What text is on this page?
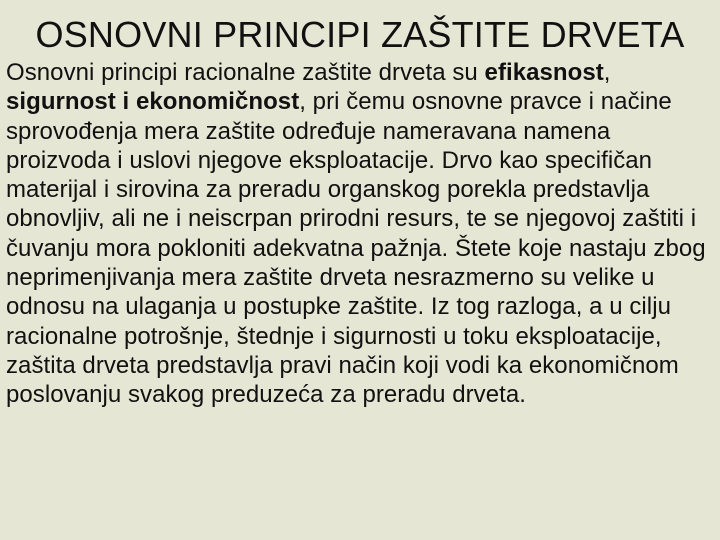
OSNOVNI PRINCIPI ZAŠTITE DRVETA

Osnovni principi racionalne zaštite drveta su efikasnost, sigurnost i ekonomičnost, pri čemu osnovne pravce i načine sprovođenja mera zaštite određuje nameravana namena proizvoda i uslovi njegove eksploatacije. Drvo kao specifičan materijal i sirovina za preradu organskog porekla predstavlja obnovljiv, ali ne i neiscrpan prirodni resurs, te se njegovoj zaštiti i čuvanju mora pokloniti adekvatna pažnja. Štete koje nastaju zbog neprimenjivanja mera zaštite drveta nesrazmerno su velike u odnosu na ulaganja u postupke zaštite. Iz tog razloga, a u cilju racionalne potrošnje, štednje i sigurnosti u toku eksploatacije, zaštita drveta predstavlja pravi način koji vodi ka ekonomičnom poslovanju svakog preduzeća za preradu drveta.
